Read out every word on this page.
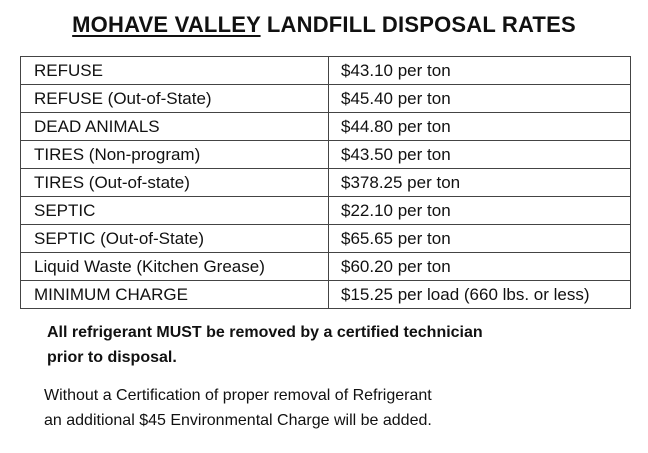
MOHAVE VALLEY LANDFILL DISPOSAL RATES
REFUSE	$43.10 per ton
REFUSE (Out-of-State)	$45.40 per ton
DEAD ANIMALS	$44.80 per ton
TIRES (Non-program)	$43.50 per ton
TIRES (Out-of-state)	$378.25 per ton
SEPTIC	$22.10 per ton
SEPTIC (Out-of-State)	$65.65 per ton
Liquid Waste (Kitchen Grease)	$60.20 per ton
MINIMUM CHARGE	$15.25 per load (660 lbs. or less)
All refrigerant MUST be removed by a certified technician
prior to disposal.
Without a Certification of proper removal of Refrigerant
an additional $45 Environmental Charge will be added.
